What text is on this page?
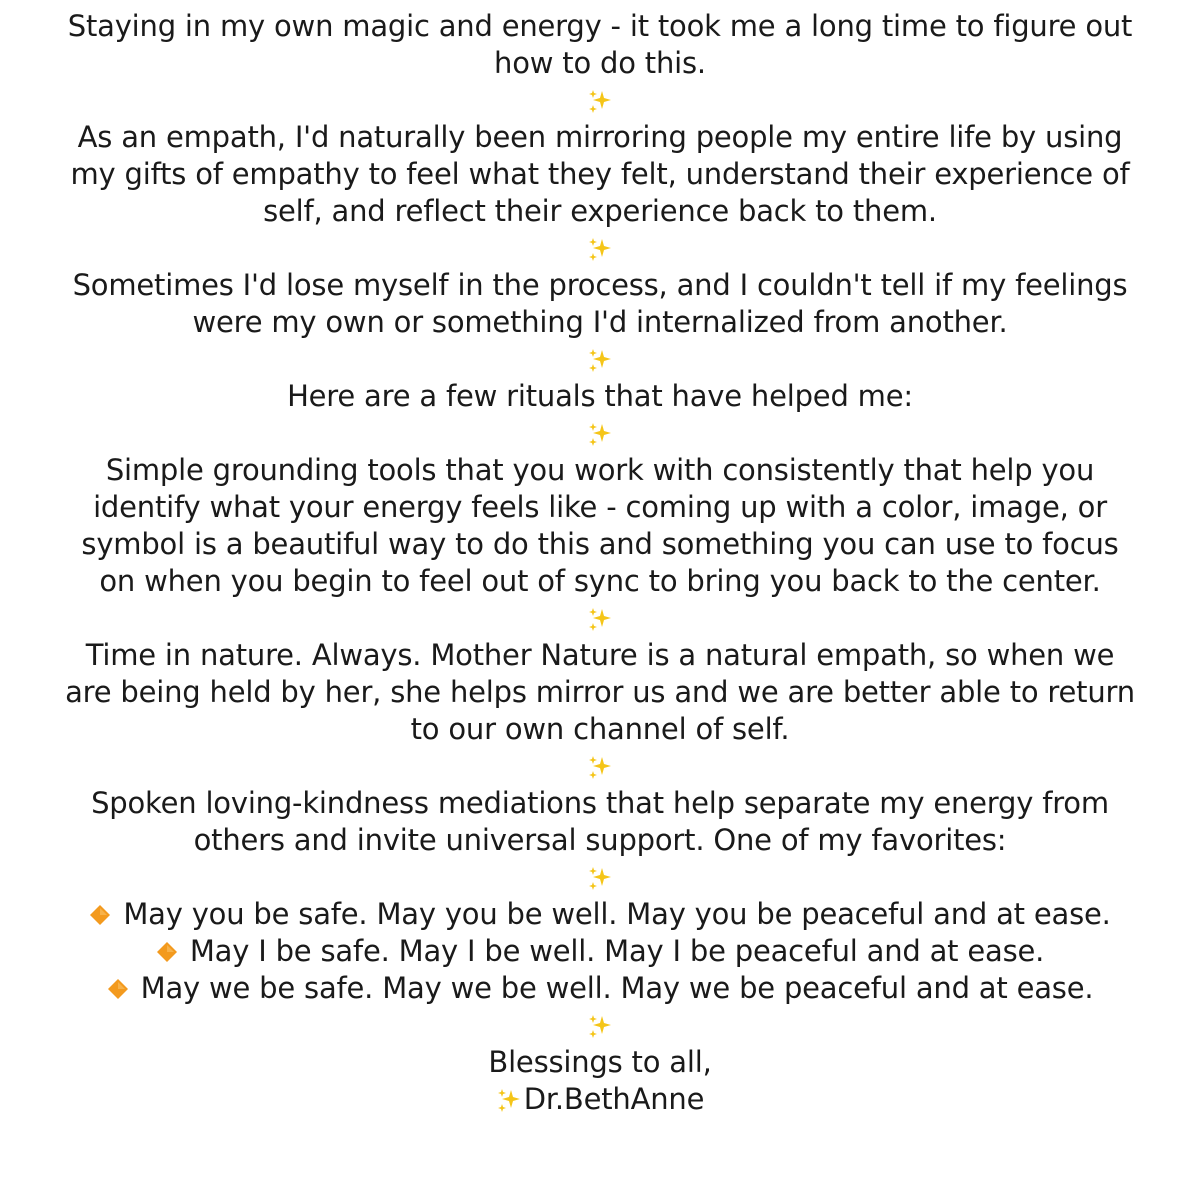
Staying in my own magic and energy - it took me a long time to figure out how to do this.

As an empath, I'd naturally been mirroring people my entire life by using my gifts of empathy to feel what they felt, understand their experience of self, and reflect their experience back to them.

Sometimes I'd lose myself in the process, and I couldn't tell if my feelings were my own or something I'd internalized from another.

Here are a few rituals that have helped me:

Simple grounding tools that you work with consistently that help you identify what your energy feels like - coming up with a color, image, or symbol is a beautiful way to do this and something you can use to focus on when you begin to feel out of sync to bring you back to the center.

Time in nature. Always. Mother Nature is a natural empath, so when we are being held by her, she helps mirror us and we are better able to return to our own channel of self.

Spoken loving-kindness mediations that help separate my energy from others and invite universal support. One of my favorites:

May you be safe. May you be well. May you be peaceful and at ease.
May I be safe. May I be well. May I be peaceful and at ease.
May we be safe. May we be well. May we be peaceful and at ease.

Blessings to all,

Dr.BethAnne
